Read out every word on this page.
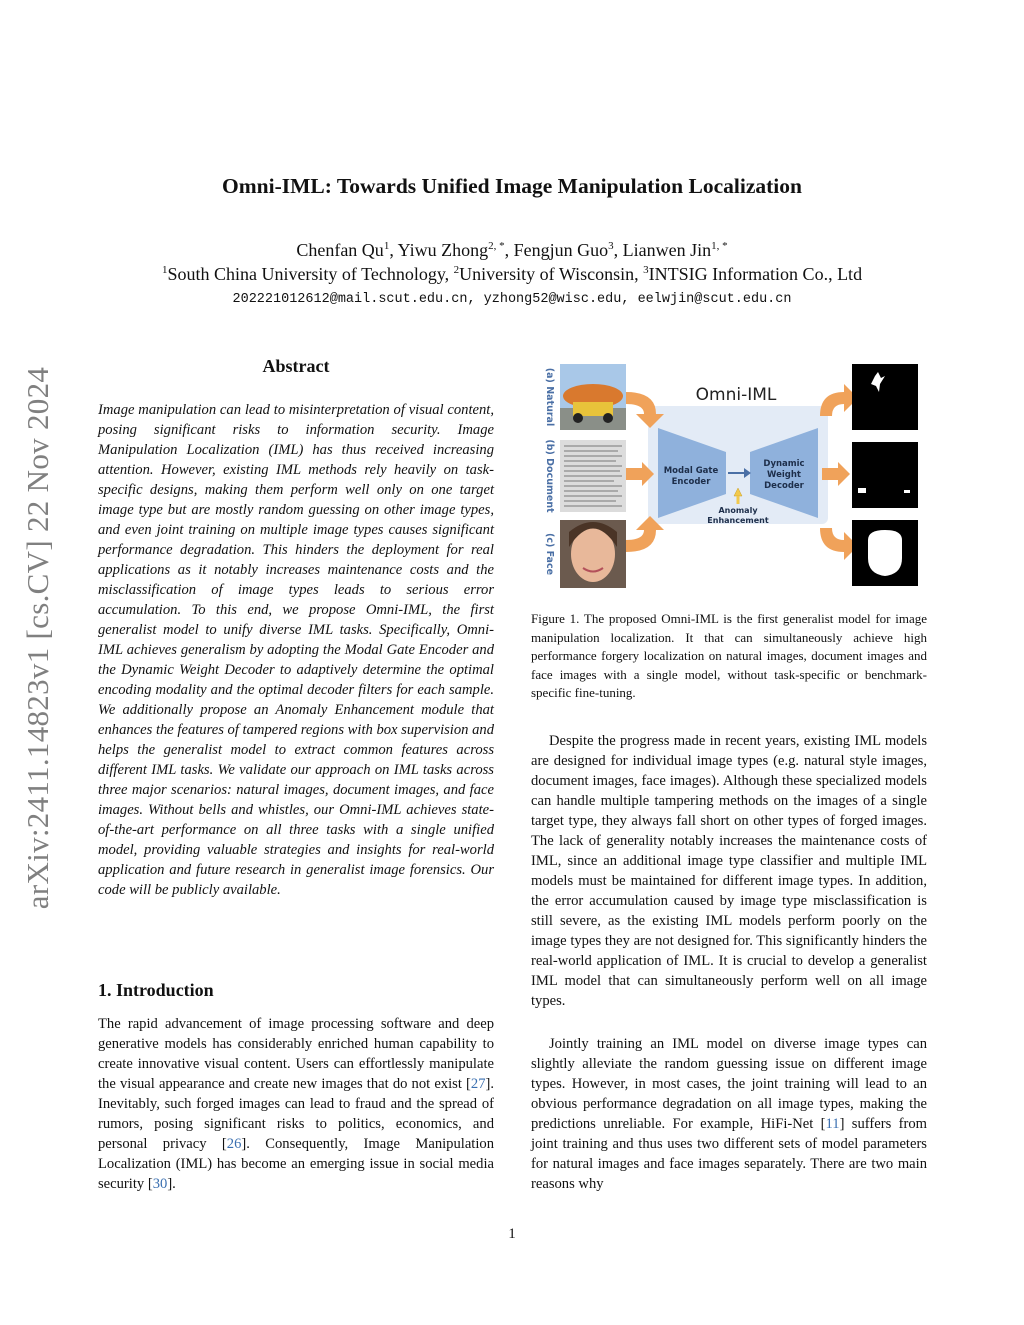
arXiv:2411.14823v1 [cs.CV] 22 Nov 2024
Omni-IML: Towards Unified Image Manipulation Localization
Chenfan Qu$^1$, Yiwu Zhong$^{2, *}$, Fengjun Guo$^3$, Lianwen Jin$^{1, *}$
$^1$South China University of Technology, $^2$University of Wisconsin, $^3$INTSIG Information Co., Ltd
202221012612@mail.scut.edu.cn, yzhong52@wisc.edu, eelwjin@scut.edu.cn
Abstract
Image manipulation can lead to misinterpretation of visual content, posing significant risks to information security. Image Manipulation Localization (IML) has thus received increasing attention. However, existing IML methods rely heavily on task-specific designs, making them perform well only on one target image type but are mostly random guessing on other image types, and even joint training on multiple image types causes significant performance degradation. This hinders the deployment for real applications as it notably increases maintenance costs and the misclassification of image types leads to serious error accumulation. To this end, we propose Omni-IML, the first generalist model to unify diverse IML tasks. Specifically, Omni-IML achieves generalism by adopting the Modal Gate Encoder and the Dynamic Weight Decoder to adaptively determine the optimal encoding modality and the optimal decoder filters for each sample. We additionally propose an Anomaly Enhancement module that enhances the features of tampered regions with box supervision and helps the generalist model to extract common features across different IML tasks. We validate our approach on IML tasks across three major scenarios: natural images, document images, and face images. Without bells and whistles, our Omni-IML achieves state-of-the-art performance on all three tasks with a single unified model, providing valuable strategies and insights for real-world application and future research in generalist image forensics. Our code will be publicly available.
1. Introduction
The rapid advancement of image processing software and deep generative models has considerably enriched human capability to create innovative visual content. Users can effortlessly manipulate the visual appearance and create new images that do not exist [27]. Inevitably, such forged images can lead to fraud and the spread of rumors, posing significant risks to politics, economics, and personal privacy [26]. Consequently, Image Manipulation Localization (IML) has become an emerging issue in social media security [30].
(a) Natural
(b) Document
(c) Face
Omni-IML
Modal Gate
Encoder
Dynamic
Weight
Decoder
Anomaly
Enhancement
Figure 1. The proposed Omni-IML is the first generalist model for image manipulation localization. It that can simultaneously achieve high performance forgery localization on natural images, document images and face images with a single model, without task-specific or benchmark-specific fine-tuning.
Despite the progress made in recent years, existing IML models are designed for individual image types (e.g. natural style images, document images, face images). Although these specialized models can handle multiple tampering methods on the images of a single target type, they always fall short on other types of forged images. The lack of generality notably increases the maintenance costs of IML, since an additional image type classifier and multiple IML models must be maintained for different image types. In addition, the error accumulation caused by image type misclassification is still severe, as the existing IML models perform poorly on the image types they are not designed for. This significantly hinders the real-world application of IML. It is crucial to develop a generalist IML model that can simultaneously perform well on all image types.
Jointly training an IML model on diverse image types can slightly alleviate the random guessing issue on different image types. However, in most cases, the joint training will lead to an obvious performance degradation on all image types, making the predictions unreliable. For example, HiFi-Net [11] suffers from joint training and thus uses two different sets of model parameters for natural images and face images separately. There are two main reasons why
1
